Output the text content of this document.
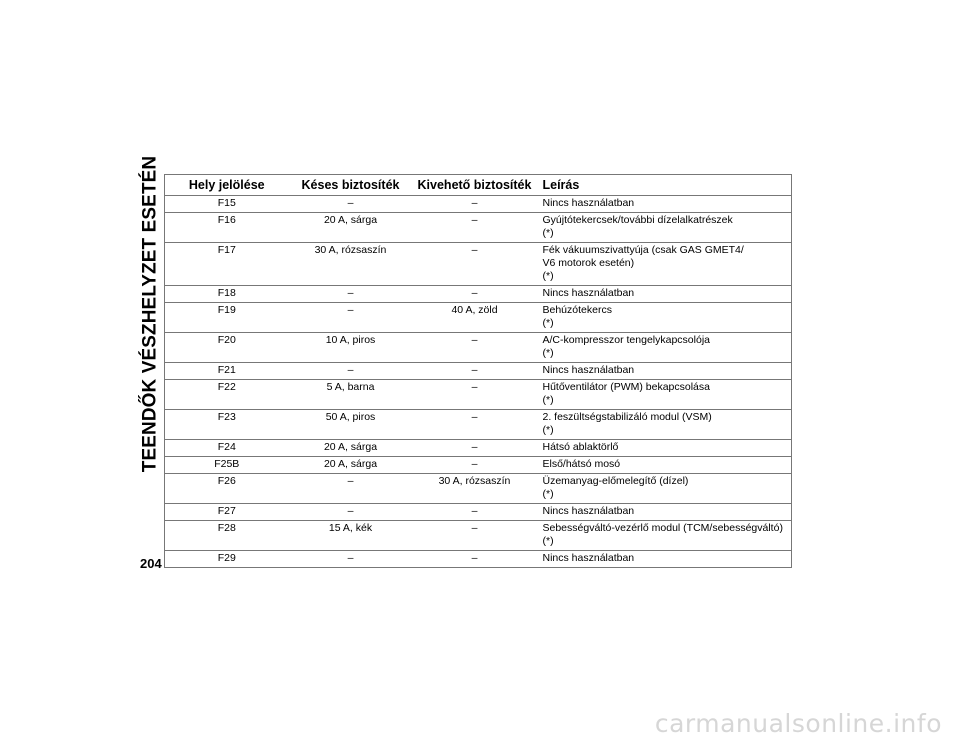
TEENDŐK VÉSZHELYZET ESETÉN Hely jelölése	Késes biztosíték	Kivehető biztosíték	Leírás
F15	–	–	Nincs használatban

F16	20 A, sárga	–	Gyújtótekercsek/további dízelalkatrészek
(*)

F17	30 A, rózsaszín	–	Fék vákuumszivattyúja (csak GAS GMET4/
V6 motorok esetén)
(*)

F18	–	–	Nincs használatban

F19	–	40 A, zöld	Behúzótekercs
(*)

F20	10 A, piros	–	A/C-kompresszor tengelykapcsolója
(*)

F21	–	–	Nincs használatban

F22	5 A, barna	–	Hűtőventilátor (PWM) bekapcsolása
(*)

F23	50 A, piros	–	2. feszültségstabilizáló modul (VSM)
(*)

F24	20 A, sárga	–	Hátsó ablaktörlő

F25B	20 A, sárga	–	Első/hátsó mosó

F26	–	30 A, rózsaszín	Üzemanyag-előmelegítő (dízel)
(*)

F27	–	–	Nincs használatban

F28	15 A, kék	–	Sebességváltó-vezérlő modul (TCM/sebességváltó)
(*)

F29	–	–	Nincs használatban
204
carmanualsonline.info
